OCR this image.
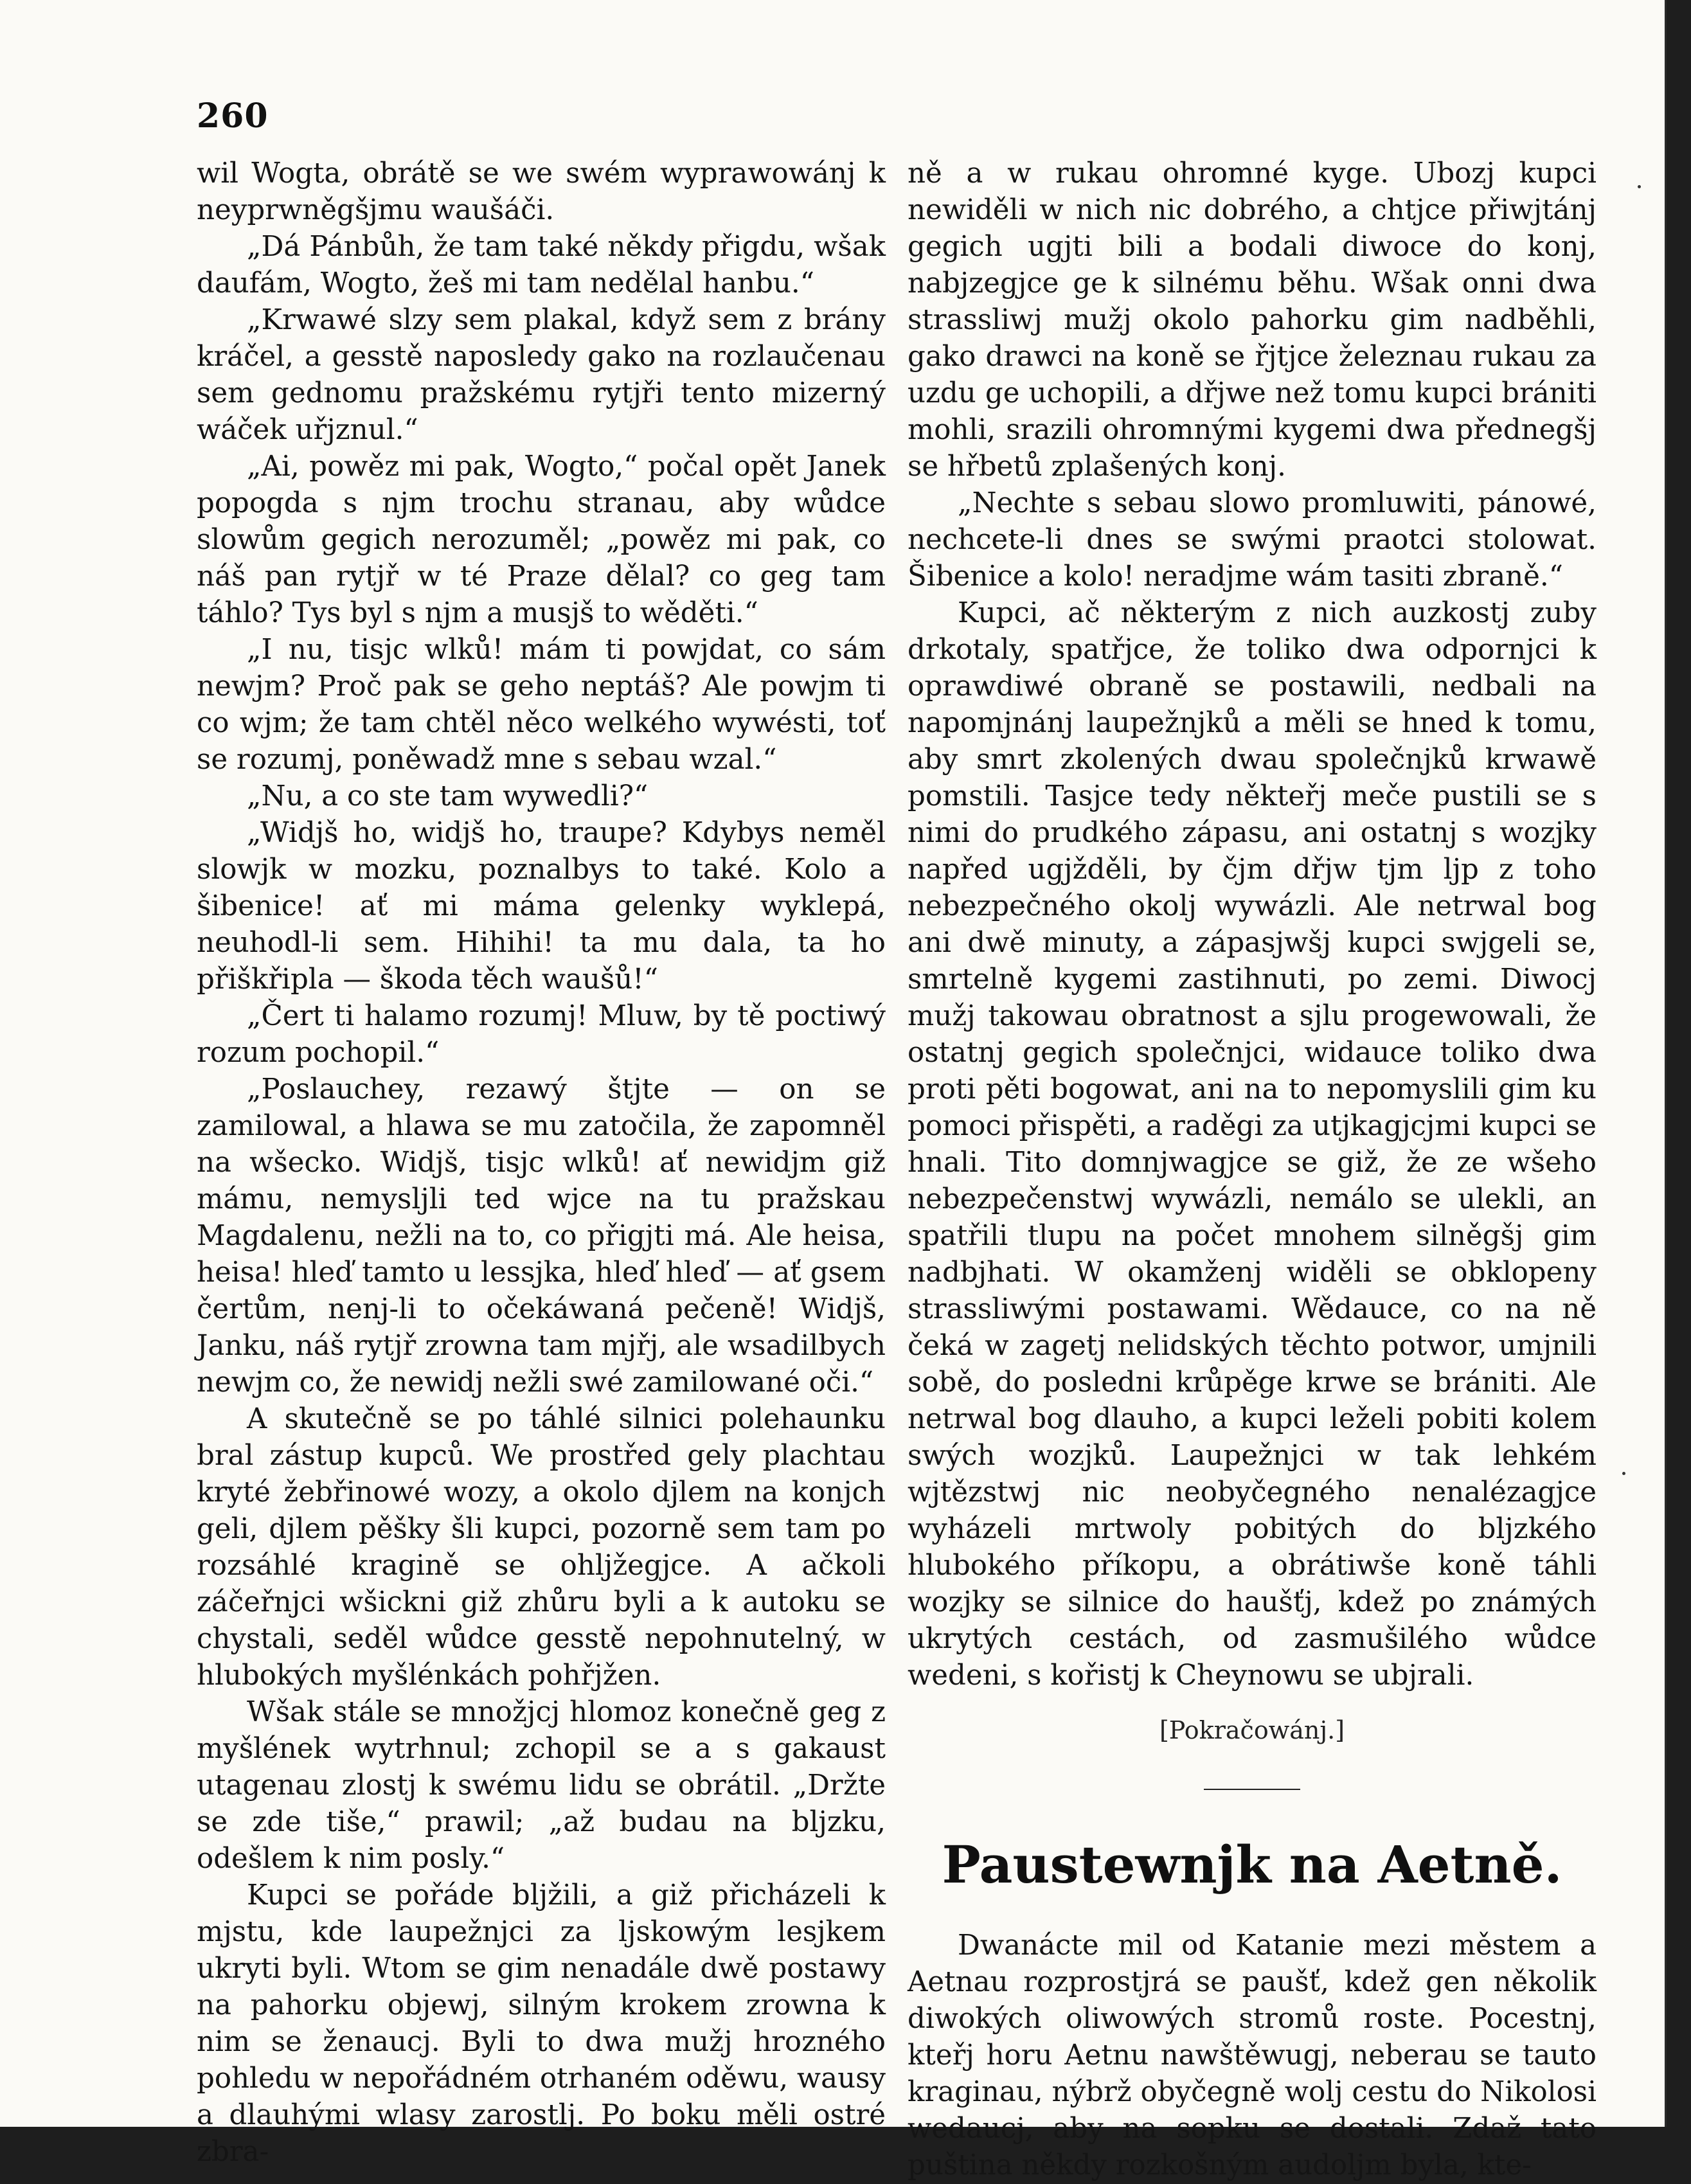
260

wil Wogta, obrátě se we swém wyprawowánj k neyprwněgšjmu waušáči.

„Dá Pánbůh, že tam také někdy přigdu, wšak daufám, Wogto, žeš mi tam nedělal hanbu.“

„Krwawé slzy sem plakal, když sem z brány kráčel, a gesstě naposledy gako na rozlaučenau sem gednomu pražskému rytjři tento mizerný wáček uřjznul.“

„Ai, powěz mi pak, Wogto,“ počal opět Janek popogda s njm trochu stranau, aby wůdce slowům gegich nerozuměl; „powěz mi pak, co náš pan rytjř w té Praze dělal? co geg tam táhlo? Tys byl s njm a musjš to wěděti.“

„I nu, tisjc wlků! mám ti powjdat, co sám newjm? Proč pak se geho neptáš? Ale powjm ti co wjm; že tam chtěl něco welkého wywésti, toť se rozumj, poněwadž mne s sebau wzal.“

„Nu, a co ste tam wywedli?“

„Widjš ho, widjš ho, traupe? Kdybys neměl slowjk w mozku, poznalbys to také. Kolo a šibenice! ať mi máma gelenky wyklepá, neuhodl-li sem. Hihihi! ta mu dala, ta ho přiškřipla — škoda těch waušů!“

„Čert ti halamo rozumj! Mluw, by tě poctiwý rozum pochopil.“

„Poslauchey, rezawý štjte — on se zamilowal, a hlawa se mu zatočila, že zapomněl na wšecko. Widjš, tisjc wlků! ať newidjm giž mámu, nemysljli ted wjce na tu pražskau Magdalenu, nežli na to, co přigjti má. Ale heisa, heisa! hleď tamto u lessjka, hleď hleď — ať gsem čertům, nenj-li to očekáwaná pečeně! Widjš, Janku, náš rytjř zrowna tam mjřj, ale wsadilbych newjm co, že newidj nežli swé zamilowané oči.“

A skutečně se po táhlé silnici polehaunku bral zástup kupců. We prostřed gely plachtau kryté žebřinowé wozy, a okolo djlem na konjch geli, djlem pěšky šli kupci, pozorně sem tam po rozsáhlé kragině se ohljžegjce. A ačkoli záčeřnjci wšickni giž zhůru byli a k autoku se chystali, seděl wůdce gesstě nepohnutelný, w hlubokých myšlénkách pohřjžen.

Wšak stále se množjcj hlomoz konečně geg z myšlének wytrhnul; zchopil se a s gakaust utagenau zlostj k swému lidu se obrátil. „Držte se zde tiše,“ prawil; „až budau na bljzku, odešlem k nim posly.“

Kupci se pořáde bljžili, a giž přicházeli k mjstu, kde laupežnjci za ljskowým lesjkem ukryti byli. Wtom se gim nenadále dwě postawy na pahorku objewj, silným krokem zrowna k nim se ženaucj. Byli to dwa mužj hrozného pohledu w nepořádném otrhaném oděwu, wausy a dlauhými wlasy zarostlj. Po boku měli ostré zbra-

ně a w rukau ohromné kyge. Ubozj kupci newiděli w nich nic dobrého, a chtjce přiwjtánj gegich ugjti bili a bodali diwoce do konj, nabjzegjce ge k silnému běhu. Wšak onni dwa strassliwj mužj okolo pahorku gim nadběhli, gako drawci na koně se řjtjce železnau rukau za uzdu ge uchopili, a dřjwe než tomu kupci brániti mohli, srazili ohromnými kygemi dwa přednegšj se hřbetů zplašených konj.

„Nechte s sebau slowo promluwiti, pánowé, nechcete-li dnes se swými praotci stolowat. Šibenice a kolo! neradjme wám tasiti zbraně.“

Kupci, ač některým z nich auzkostj zuby drkotaly, spatřjce, že toliko dwa odpornjci k oprawdiwé obraně se postawili, nedbali na napomjnánj laupežnjků a měli se hned k tomu, aby smrt zkolených dwau společnjků krwawě pomstili. Tasjce tedy někteřj meče pustili se s nimi do prudkého zápasu, ani ostatnj s wozjky napřed ugjžděli, by čjm dřjw tjm ljp z toho nebezpečného okolj wywázli. Ale netrwal bog ani dwě minuty, a zápasjwšj kupci swjgeli se, smrtelně kygemi zastihnuti, po zemi. Diwocj mužj takowau obratnost a sjlu progewowali, že ostatnj gegich společnjci, widauce toliko dwa proti pěti bogowat, ani na to nepomyslili gim ku pomoci přispěti, a raděgi za utjkagjcjmi kupci se hnali. Tito domnjwagjce se giž, že ze wšeho nebezpečenstwj wywázli, nemálo se ulekli, an spatřili tlupu na počet mnohem silněgšj gim nadbjhati. W okamženj widěli se obklopeny strassliwými postawami. Wědauce, co na ně čeká w zagetj nelidských těchto potwor, umjnili sobě, do posledni krůpěge krwe se brániti. Ale netrwal bog dlauho, a kupci leželi pobiti kolem swých wozjků. Laupežnjci w tak lehkém wjtězstwj nic neobyčegného nenalézagjce wyházeli mrtwoly pobitých do bljzkého hlubokého příkopu, a obrátiwše koně táhli wozjky se silnice do haušťj, kdež po známých ukrytých cestách, od zasmušilého wůdce wedeni, s kořistj k Cheynowu se ubjrali.

[Pokračowánj.]

Paustewnjk na Aetně.

Dwanácte mil od Katanie mezi městem a Aetnau rozprostjrá se paušť, kdež gen několik diwokých oliwowých stromů roste. Pocestnj, kteřj horu Aetnu nawštěwugj, neberau se tauto kraginau, nýbrž obyčegně wolj cestu do Nikolosi wedaucj, aby na sopku se dostali. Zdaž tato puština někdy rozkošným audoljm byla, kte-
